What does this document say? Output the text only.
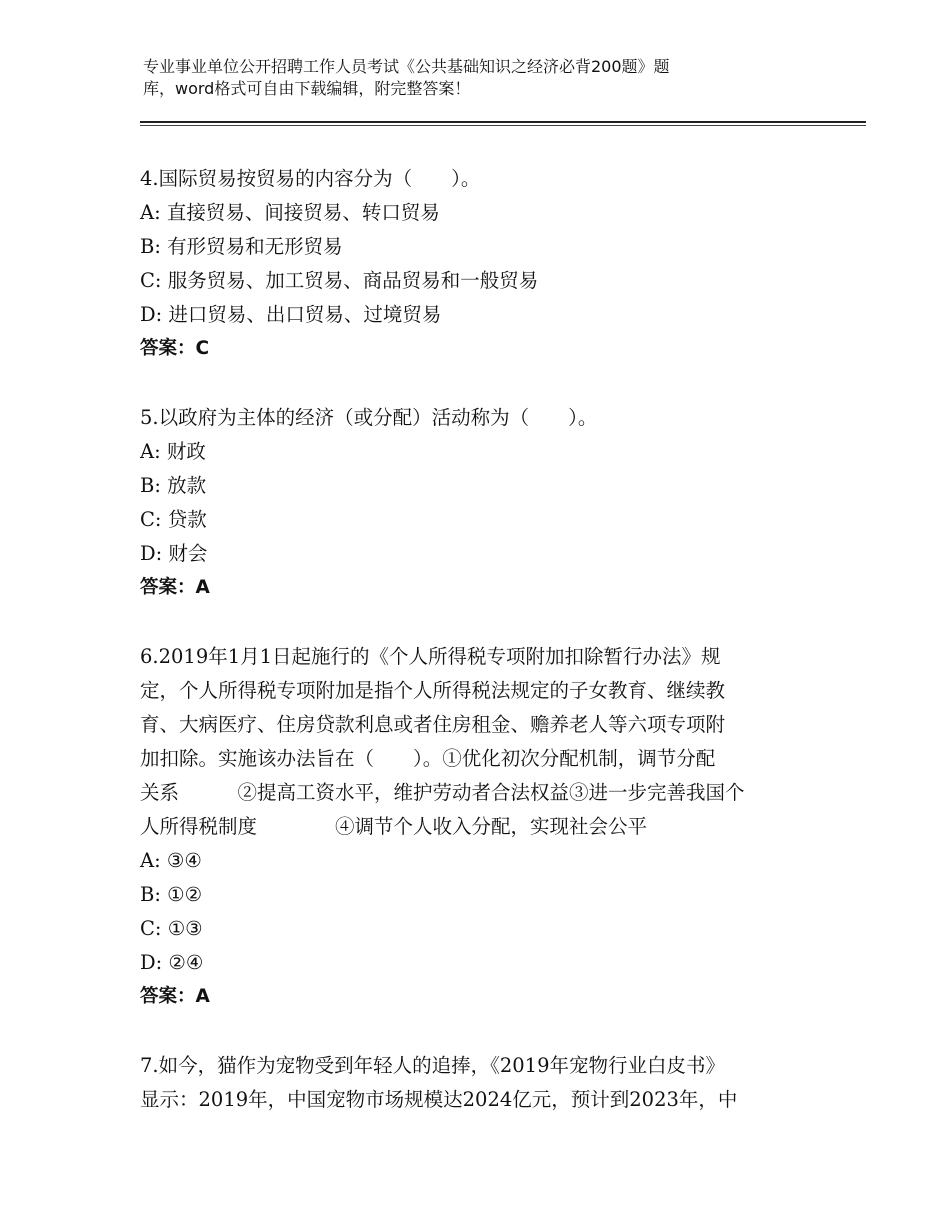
专业事业单位公开招聘工作人员考试《公共基础知识之经济必背200题》题
库，word格式可自由下载编辑，附完整答案！
4.国际贸易按贸易的内容分为（　　）。
A: 直接贸易、间接贸易、转口贸易
B: 有形贸易和无形贸易
C: 服务贸易、加工贸易、商品贸易和一般贸易
D: 进口贸易、出口贸易、过境贸易
答案：C
5.以政府为主体的经济（或分配）活动称为（　　）。
A: 财政
B: 放款
C: 贷款
D: 财会
答案：A
6.2019年1月1日起施行的《个人所得税专项附加扣除暂行办法》规
定，个人所得税专项附加是指个人所得税法规定的子女教育、继续教
育、大病医疗、住房贷款利息或者住房租金、赡养老人等六项专项附
加扣除。实施该办法旨在（　　）。①优化初次分配机制，调节分配
关系　　　②提高工资水平，维护劳动者合法权益③进一步完善我国个
人所得税制度　　　　④调节个人收入分配，实现社会公平
A: ③④
B: ①②
C: ①③
D: ②④
答案：A
7.如今，猫作为宠物受到年轻人的追捧，《2019年宠物行业白皮书》
显示：2019年，中国宠物市场规模达2024亿元，预计到2023年，中
